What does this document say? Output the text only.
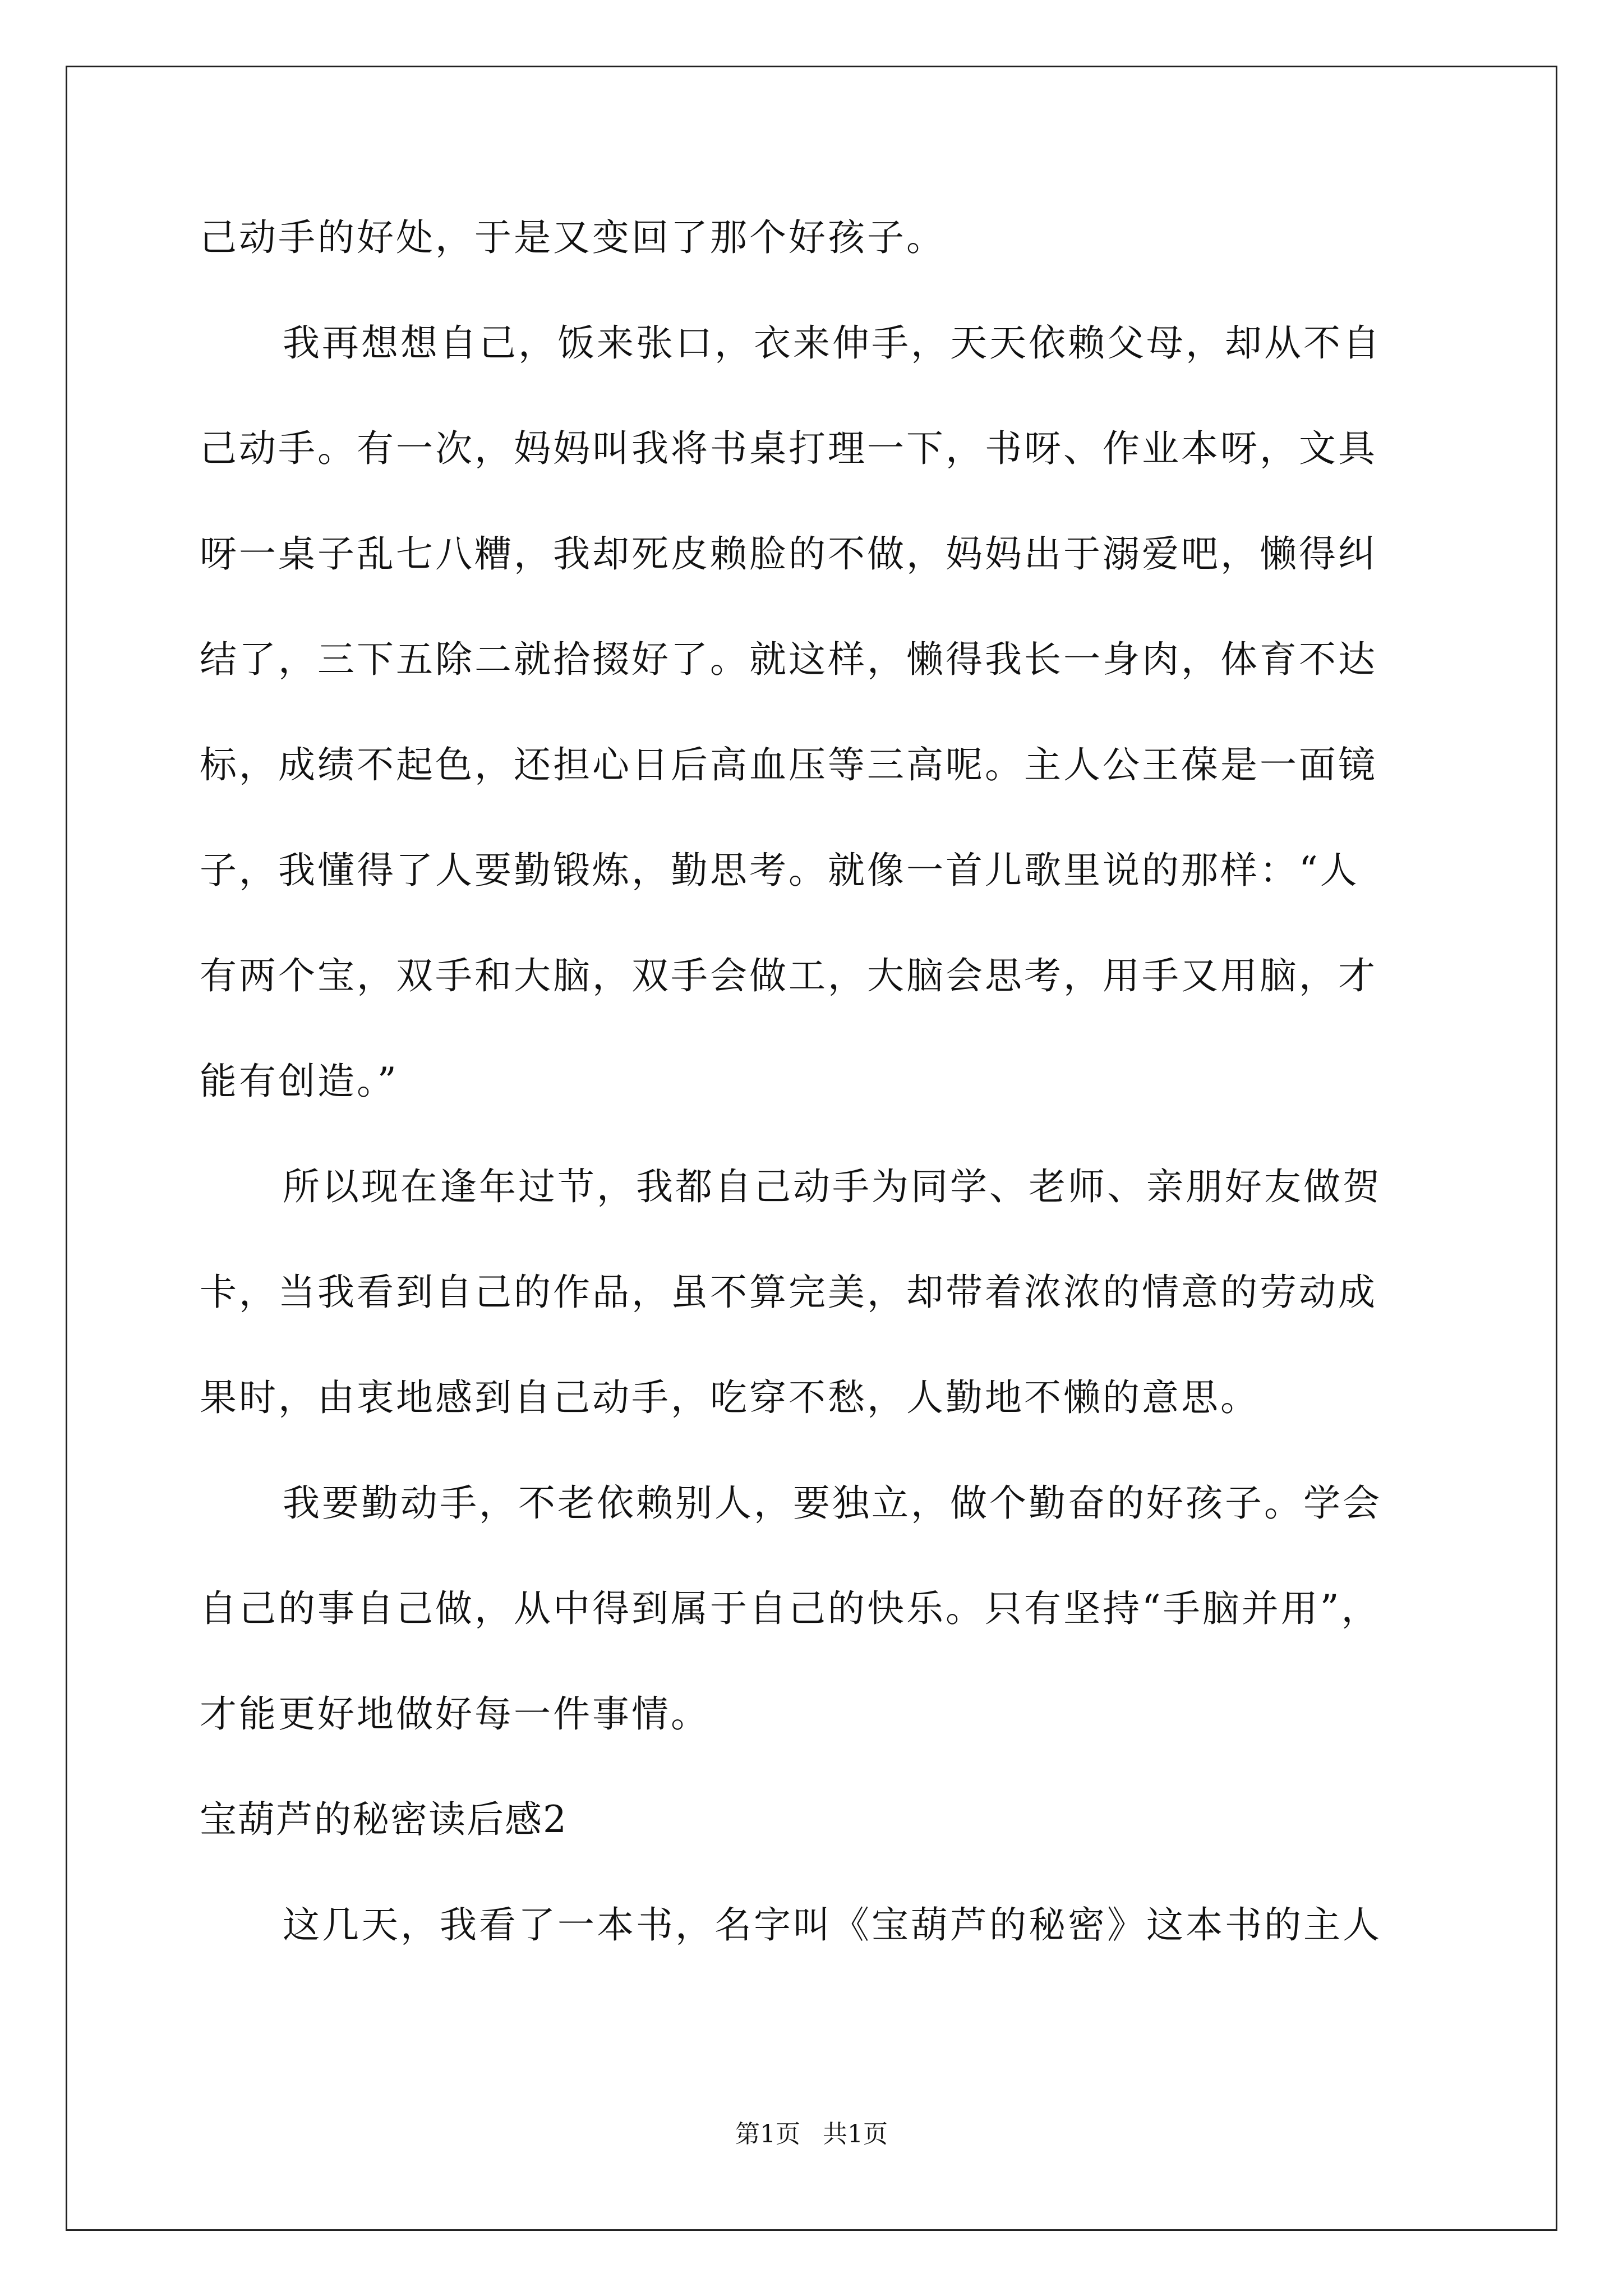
己动手的好处，于是又变回了那个好孩子。
我再想想自己，饭来张口，衣来伸手，天天依赖父母，却从不自
己动手。有一次，妈妈叫我将书桌打理一下，书呀、作业本呀，文具
呀一桌子乱七八糟，我却死皮赖脸的不做，妈妈出于溺爱吧，懒得纠
结了，三下五除二就拾掇好了。就这样，懒得我长一身肉，体育不达
标，成绩不起色，还担心日后高血压等三高呢。主人公王葆是一面镜
子，我懂得了人要勤锻炼，勤思考。就像一首儿歌里说的那样：“人
有两个宝，双手和大脑，双手会做工，大脑会思考，用手又用脑，才
能有创造。”
所以现在逢年过节，我都自己动手为同学、老师、亲朋好友做贺
卡，当我看到自己的作品，虽不算完美，却带着浓浓的情意的劳动成
果时，由衷地感到自己动手，吃穿不愁，人勤地不懒的意思。
我要勤动手，不老依赖别人，要独立，做个勤奋的好孩子。学会
自己的事自己做，从中得到属于自己的快乐。只有坚持“手脑并用”，
才能更好地做好每一件事情。
宝葫芦的秘密读后感2
这几天，我看了一本书，名字叫《宝葫芦的秘密》这本书的主人
第1页 共1页
